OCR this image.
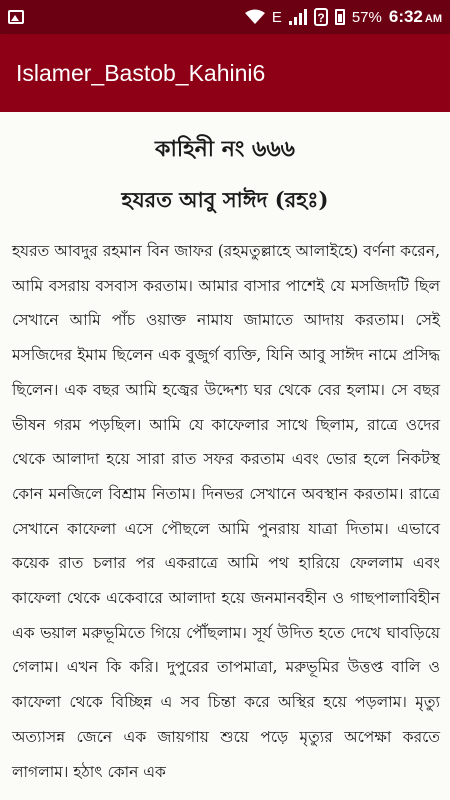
E	? 57% 6:32 AM
Islamer_Bastob_Kahini6
কাহিনী নং ৬৬৬
হযরত আবু সাঈদ (রহঃ)
হযরত আবদুর রহমান বিন জাফর (রহমতুল্লাহে আলাইহে) বর্ণনা করেন, আমি বসরায় বসবাস করতাম। আমার বাসার পাশেই যে মসজিদটি ছিল সেখানে আমি পাঁচ ওয়াক্ত নামায জামাতে আদায় করতাম। সেই মসজিদের ইমাম ছিলেন এক বুজুর্গ ব্যক্তি, যিনি আবু সাঈদ নামে প্রসিদ্ধ ছিলেন। এক বছর আমি হজ্বের উদ্দেশ্য ঘর থেকে বের হলাম। সে বছর ভীষন গরম পড়ছিল। আমি যে কাফেলার সাথে ছিলাম, রাত্রে ওদের থেকে আলাদা হয়ে সারা রাত সফর করতাম এবং ভোর হলে নিকটস্থ কোন মনজিলে বিশ্রাম নিতাম। দিনভর সেখানে অবস্থান করতাম। রাত্রে সেখানে কাফেলা এসে পৌছলে আমি পুনরায় যাত্রা দিতাম। এভাবে কয়েক রাত চলার পর একরাত্রে আমি পথ হারিয়ে ফেললাম এবং কাফেলা থেকে একেবারে আলাদা হয়ে জনমানবহীন ও গাছপালাবিহীন এক ভয়াল মরুভূমিতে গিয়ে পৌঁছলাম। সূর্য উদিত হতে দেখে ঘাবড়িয়ে গেলাম। এখন কি করি। দুপুরের তাপমাত্রা, মরুভূমির উত্তপ্ত বালি ও কাফেলা থেকে বিচ্ছিন্ন এ সব চিন্তা করে অস্থির হয়ে পড়লাম। মৃত্যু অত্যাসন্ন জেনে এক জায়গায় শুয়ে পড়ে মৃত্যুর অপেক্ষা করতে লাগলাম। হঠাৎ কোন এক
